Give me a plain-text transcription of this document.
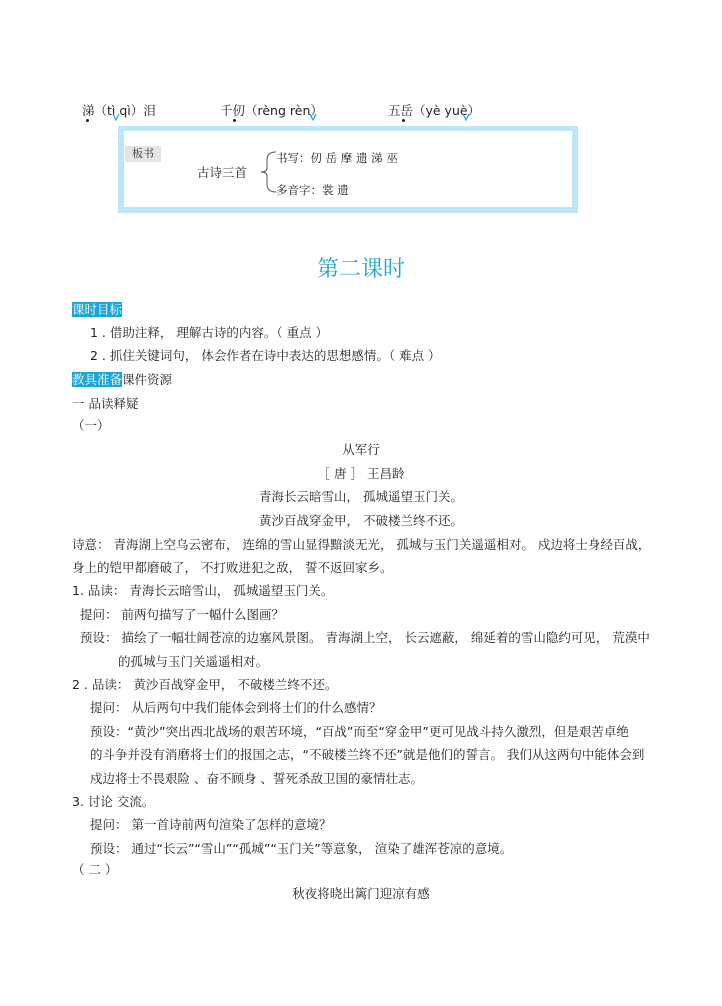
涕（tì qì）泪	千仞（rèng rèn）	五岳（yè yuè）
板书
古诗三首
书写：仞 岳 摩 遗 涕 巫
多音字：裳 遗
第二课时
课时目标
1 . 借助注释， 理解古诗的内容。（ 重点 ）
2 . 抓住关键词句， 体会作者在诗中表达的思想感情。（ 难点 ）
教具准备课件资源
一 品读释疑
（一）
从军行
［ 唐 ］ 王昌龄
青海长云暗雪山， 孤城遥望玉门关。
黄沙百战穿金甲， 不破楼兰终不还。
诗意： 青海湖上空乌云密布， 连绵的雪山显得黯淡无光， 孤城与玉门关遥遥相对。 戍边将士身经百战，
身上的铠甲都磨破了， 不打败进犯之敌， 誓不返回家乡。
1. 品读： 青海长云暗雪山， 孤城遥望玉门关。
提问： 前两句描写了一幅什么图画？
预设： 描绘了一幅壮阔苍凉的边塞风景图。 青海湖上空， 长云遮蔽， 绵延着的雪山隐约可见， 荒漠中
的孤城与玉门关遥遥相对。
2 . 品读： 黄沙百战穿金甲， 不破楼兰终不还。
提问： 从后两句中我们能体会到将士们的什么感情？
预设：“黄沙”突出西北战场的艰苦环境，“百战”而至“穿金甲”更可见战斗持久激烈，但是艰苦卓绝
的斗争并没有消磨将士们的报国之志，“不破楼兰终不还”就是他们的誓言。 我们从这两句中能体会到
戍边将士不畏艰险 、奋不顾身 、誓死杀敌卫国的豪情壮志。
3. 讨论 交流。
提问： 第一首诗前两句渲染了怎样的意境？
预设： 通过“长云”“雪山”“孤城”“玉门关”等意象， 渲染了雄浑苍凉的意境。
（ 二 ）
秋夜将晓出篱门迎凉有感
